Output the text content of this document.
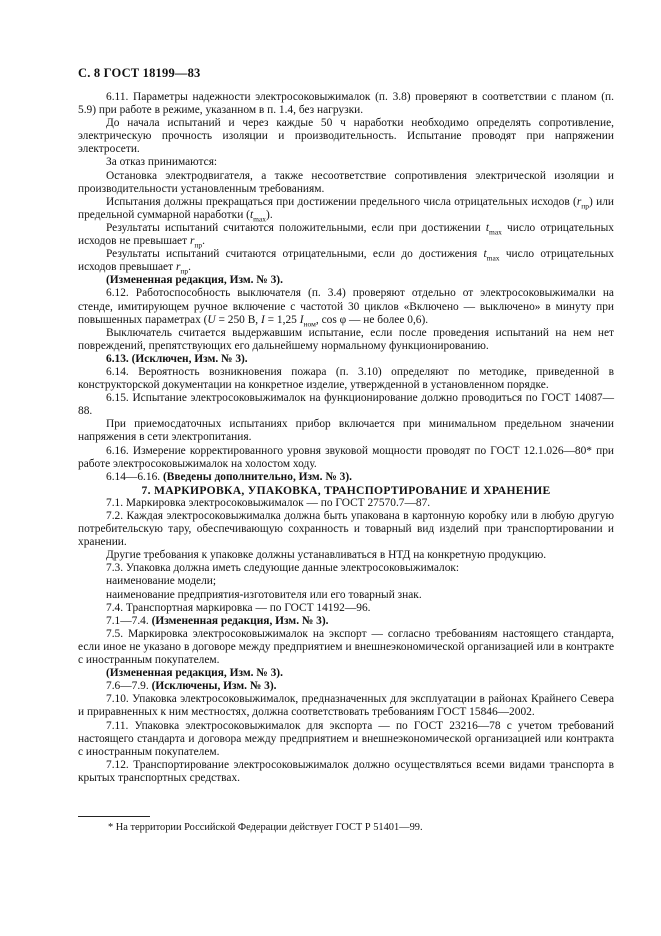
С. 8 ГОСТ 18199—83

6.11. Параметры надежности электросоковыжималок (п. 3.8) проверяют в соответствии с планом (п. 5.9) при работе в режиме, указанном в п. 1.4, без нагрузки.

До начала испытаний и через каждые 50 ч наработки необходимо определять сопротивление, электрическую прочность изоляции и производительность. Испытание проводят при напряжении электросети.

За отказ принимаются:

Остановка электродвигателя, а также несоответствие сопротивления электрической изоляции и производительности установленным требованиям.

Испытания должны прекращаться при достижении предельного числа отрицательных исходов $(r_{пр})$ или предельной суммарной наработки $(t_{max})$.

Результаты испытаний считаются положительными, если при достижении $t_{max}$ число отрицательных исходов не превышает $r_{пр}$.

Результаты испытаний считаются отрицательными, если до достижения $t_{max}$ число отрицательных исходов превышает $r_{пр}$.

(Измененная редакция, Изм. № 3).

6.12. Работоспособность выключателя (п. 3.4) проверяют отдельно от электросоковыжималки на стенде, имитирующем ручное включение с частотой 30 циклов «Включено — выключено» в минуту при повышенных параметрах (U = 250 В, I = 1,25 $I_{ном}$, cos φ — не более 0,6).

Выключатель считается выдержавшим испытание, если после проведения испытаний на нем нет повреждений, препятствующих его дальнейшему нормальному функционированию.

6.13. (Исключен, Изм. № 3).

6.14. Вероятность возникновения пожара (п. 3.10) определяют по методике, приведенной в конструкторской документации на конкретное изделие, утвержденной в установленном порядке.

6.15. Испытание электросоковыжималок на функционирование должно проводиться по ГОСТ 14087—88.

При приемосдаточных испытаниях прибор включается при минимальном предельном значении напряжения в сети электропитания.

6.16. Измерение корректированного уровня звуковой мощности проводят по ГОСТ 12.1.026—80* при работе электросоковыжималок на холостом ходу.

6.14—6.16. (Введены дополнительно, Изм. № 3).

7. МАРКИРОВКА, УПАКОВКА, ТРАНСПОРТИРОВАНИЕ И ХРАНЕНИЕ

7.1. Маркировка электросоковыжималок — по ГОСТ 27570.7—87.

7.2. Каждая электросоковыжималка должна быть упакована в картонную коробку или в любую другую потребительскую тару, обеспечивающую сохранность и товарный вид изделий при транспортировании и хранении.

Другие требования к упаковке должны устанавливаться в НТД на конкретную продукцию.

7.3. Упаковка должна иметь следующие данные электросоковыжималок:

наименование модели;

наименование предприятия-изготовителя или его товарный знак.

7.4. Транспортная маркировка — по ГОСТ 14192—96.

7.1—7.4. (Измененная редакция, Изм. № 3).

7.5. Маркировка электросоковыжималок на экспорт — согласно требованиям настоящего стандарта, если иное не указано в договоре между предприятием и внешнеэкономической организацией или в контракте с иностранным покупателем.

(Измененная редакция, Изм. № 3).

7.6—7.9. (Исключены, Изм. № 3).

7.10. Упаковка электросоковыжималок, предназначенных для эксплуатации в районах Крайнего Севера и приравненных к ним местностях, должна соответствовать требованиям ГОСТ 15846—2002.

7.11. Упаковка электросоковыжималок для экспорта — по ГОСТ 23216—78 с учетом требований настоящего стандарта и договора между предприятием и внешнеэкономической организацией или контракта с иностранным покупателем.

7.12. Транспортирование электросоковыжималок должно осуществляться всеми видами транспорта в крытых транспортных средствах.

* На территории Российской Федерации действует ГОСТ Р 51401—99.
